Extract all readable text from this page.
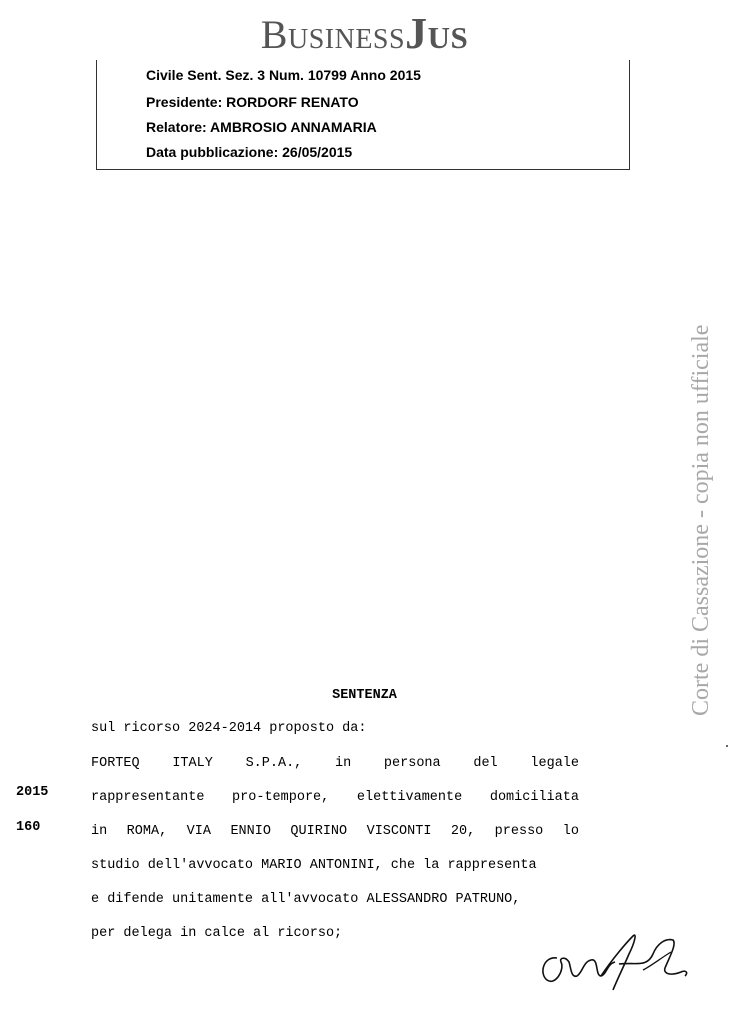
BusinessJus
Civile Sent. Sez. 3 Num. 10799 Anno 2015
Presidente: RORDORF RENATO
Relatore: AMBROSIO ANNAMARIA
Data pubblicazione: 26/05/2015
Corte di Cassazione - copia non ufficiale
SENTENZA
sul ricorso 2024-2014 proposto da:
FORTEQ ITALY S.P.A., in persona del legale
rappresentante pro-tempore, elettivamente domiciliata
in ROMA, VIA ENNIO QUIRINO VISCONTI 20, presso lo
studio dell'avvocato MARIO ANTONINI, che la rappresenta
e difende unitamente all'avvocato ALESSANDRO PATRUNO,
per delega in calce al ricorso;
2015
160
